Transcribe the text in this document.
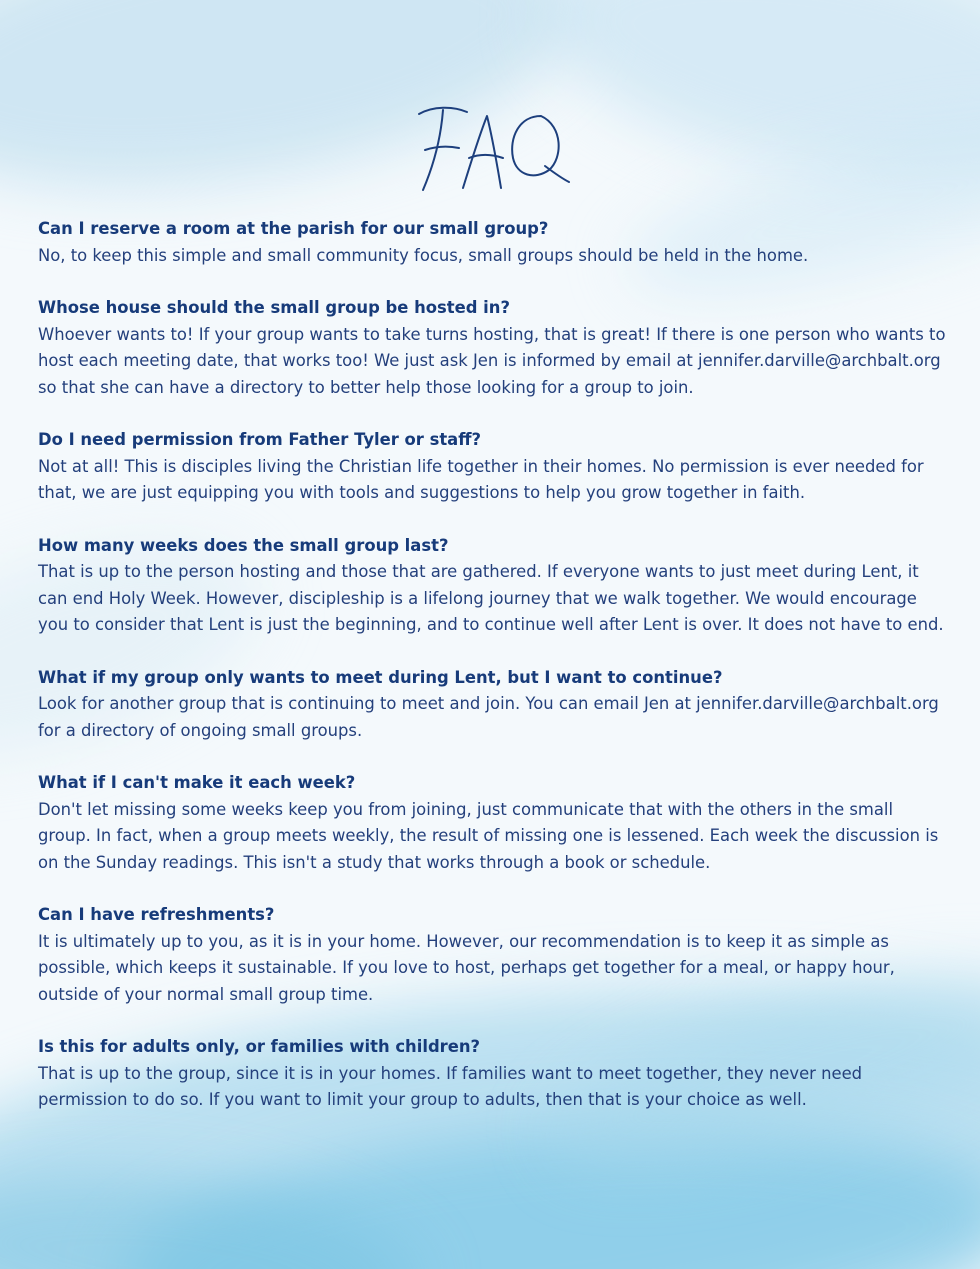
Can I reserve a room at the parish for our small group?

No, to keep this simple and small community focus, small groups should be held in the home.

Whose house should the small group be hosted in?

Whoever wants to! If your group wants to take turns hosting, that is great! If there is one person who wants to host each meeting date, that works too! We just ask Jen is informed by email at jennifer.darville@archbalt.org so that she can have a directory to better help those looking for a group to join.

Do I need permission from Father Tyler or staff?

Not at all! This is disciples living the Christian life together in their homes. No permission is ever needed for that, we are just equipping you with tools and suggestions to help you grow together in faith.

How many weeks does the small group last?

That is up to the person hosting and those that are gathered. If everyone wants to just meet during Lent, it can end Holy Week. However, discipleship is a lifelong journey that we walk together. We would encourage you to consider that Lent is just the beginning, and to continue well after Lent is over. It does not have to end.

What if my group only wants to meet during Lent, but I want to continue?

Look for another group that is continuing to meet and join. You can email Jen at jennifer.darville@archbalt.org for a directory of ongoing small groups.

What if I can't make it each week?

Don't let missing some weeks keep you from joining, just communicate that with the others in the small group. In fact, when a group meets weekly, the result of missing one is lessened. Each week the discussion is on the Sunday readings. This isn't a study that works through a book or schedule.

Can I have refreshments?

It is ultimately up to you, as it is in your home. However, our recommendation is to keep it as simple as possible, which keeps it sustainable. If you love to host, perhaps get together for a meal, or happy hour, outside of your normal small group time.

Is this for adults only, or families with children?

That is up to the group, since it is in your homes. If families want to meet together, they never need permission to do so. If you want to limit your group to adults, then that is your choice as well.
